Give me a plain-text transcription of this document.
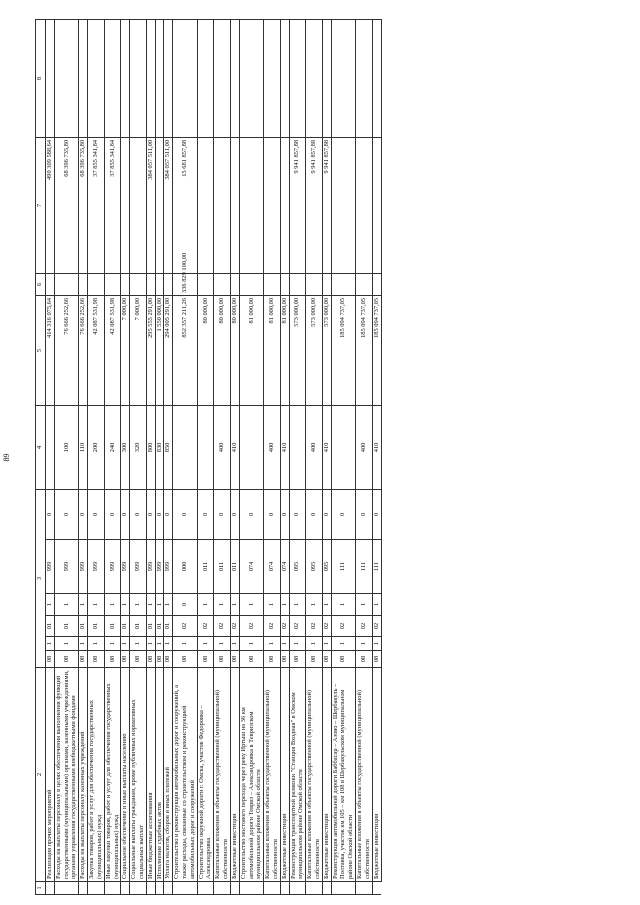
89
1	2	3						4	5	6	7	8		
	Реализация прочих мероприятий	08	1	01	1	999	0		414 316 075,64		490 309 588,64			
	Расходы на выплаты персоналу в целях обеспечения выполнения функций государственными (муниципальными) органами, казенными учреждениями, органами управления государственными внебюджетными фондами	08	1	01	1	999	0	100	76 666 252,66		68 396 735,80			
	Расходы на выплаты персоналу казенных учреждений	08	1	01	1	999	0	110	76 666 252,66		68 396 735,80			
	Закупка товаров, работ и услуг для обеспечения государственных (муниципальных) нужд	08	1	01	1	999	0	200	42 087 531,98		37 855 341,84			
	Иные закупки товаров, работ и услуг для обеспечения государственных (муниципальных) нужд	08	1	01	1	999	0	240	42 087 531,98		37 855 341,84			
	Социальное обеспечение и иные выплаты населению	08	1	01	1	999	0	300	7 000,00					
	Социальные выплаты гражданам, кроме публичных нормативных социальных выплат	08	1	01	1	999	0	320	7 000,00					
	Иные бюджетные ассигнования	08	1	01	1	999	0	800	295 555 291,00		384 057 511,00			
	Исполнение судебных актов	08	1	01	1	999	0	830	1 550 000,00					
	Уплата налогов, сборов и иных платежей	08	1	01	1	999	0	850	294 005 291,00		384 057 511,00			
	Строительство и реконструкция автомобильных дорог и сооружений, а также расходы, связанные со строительством и реконструкцией автомобильных дорог и сооружений	08	1	02	0	000	0		852 357 211,26	336 829 100,00	15 681 857,88			
	Строительство окружной дороги г. Омска, участок Федоровка – Александровка	08	1	02	1	011	0		80 000,00					
	Капитальные вложения в объекты государственной (муниципальной) собственности	08	1	02	1	011	0	400	80 000,00					
	Бюджетные инвестиции	08	1	02	1	011	0	410	80 000,00					
	Строительство мостового перехода через реку Иртыш на 36 км автомобильной дороги Тевриз – Александровка в Тевризском муниципальном районе Омской области	08	1	02	1	074	0		81 000,00					
	Капитальные вложения в объекты государственной (муниципальной) собственности	08	1	02	1	074	0	400	81 000,00					
	Бюджетные инвестиции	08	1	02	1	074	0	410	81 000,00					
	Реконструкция транспортной развязки "Станция Входная" в Омском муниципальном районе Омской области	08	1	02	1	095	0		573 000,00		9 941 857,88			
	Капитальные вложения в объекты государственной (муниципальной) собственности	08	1	02	1	095	0	400	573 000,00		9 941 857,88			
	Бюджетные инвестиции	08	1	02	1	095	0	410	573 000,00		9 941 857,88			
	Реконструкция автомобильной дороги Баббасар – Азово – Шербакуль – Полтавка, участок км 105 – км 108 в Шербакульском муниципальном районе Омской области	08	1	02	1	111	0		185 094 737,05					
	Капитальные вложения в объекты государственной (муниципальной) собственности	08	1	02	1	111	0	400	185 094 737,05					
	Бюджетные инвестиции	08	1	02	1	111	0	410	185 094 737,05					
